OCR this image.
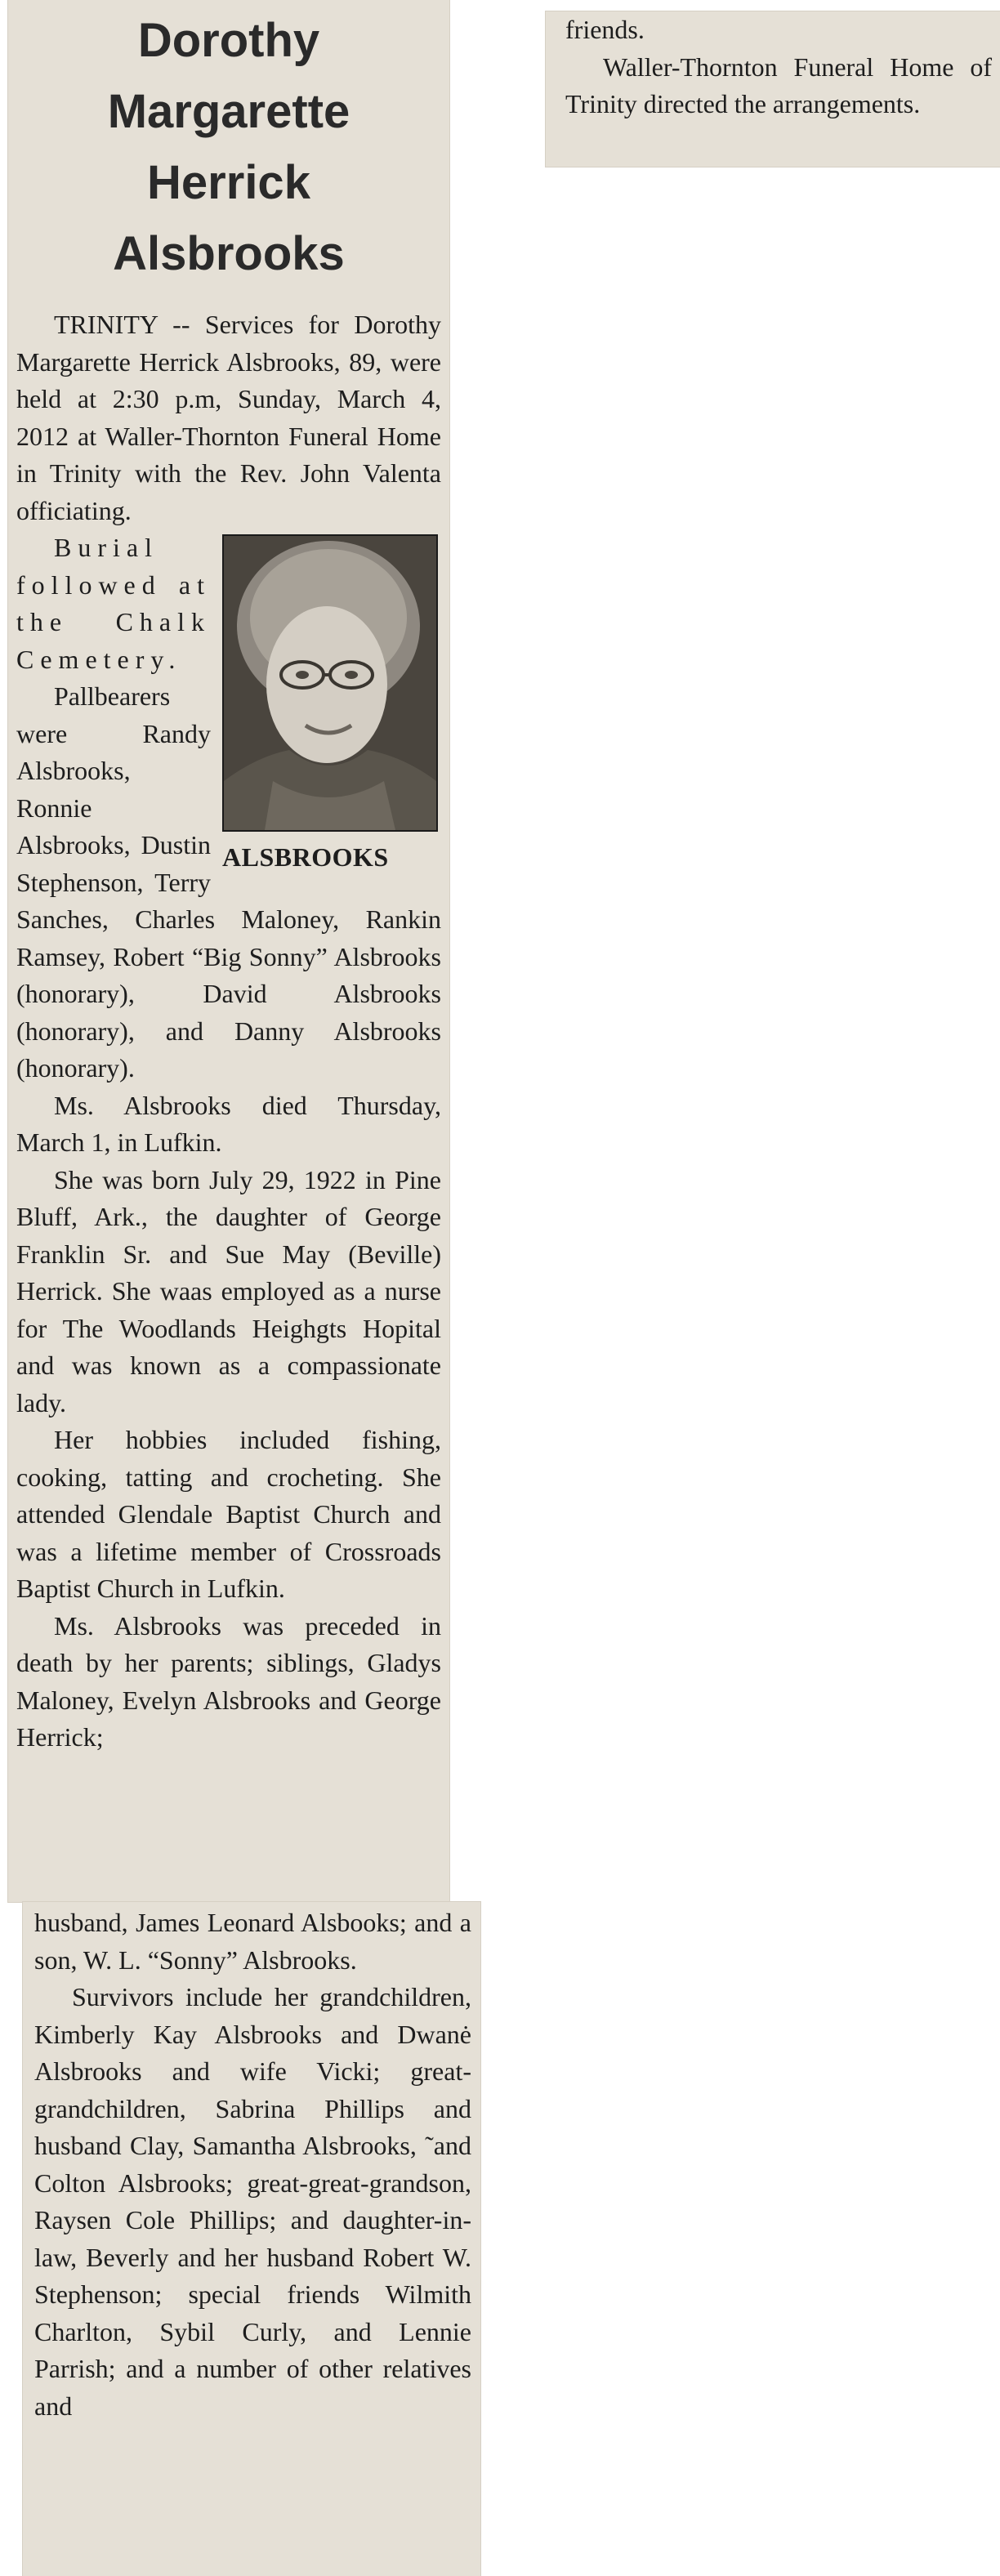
Dorothy
Margarette
Herrick
Alsbrooks

TRINITY -- Services for Dorothy Margarette Herrick Alsbrooks, 89, were held at 2:30 p.m, Sunday, March 4, 2012 at Waller-Thornton Funeral Home in Trinity with the Rev. John Valenta officiating.

ALSBROOKS

Burial followed at the Chalk Cemetery.

Pallbearers were Randy Alsbrooks, Ronnie Alsbrooks, Dustin Stephenson, Terry Sanches, Charles Maloney, Rankin Ramsey, Robert “Big Sonny” Alsbrooks (honorary), David Alsbrooks (honorary), and Danny Alsbrooks (honorary).

Ms. Alsbrooks died Thursday, March 1, in Lufkin.

She was born July 29, 1922 in Pine Bluff, Ark., the daughter of George Franklin Sr. and Sue May (Beville) Herrick. She waas employed as a nurse for The Woodlands Heighgts Hopital and was known as a compassionate lady.

Her hobbies included fishing, cooking, tatting and crocheting. She attended Glendale Baptist Church and was a lifetime member of Crossroads Baptist Church in Lufkin.

Ms. Alsbrooks was preceded in death by her parents; siblings, Gladys Maloney, Evelyn Alsbrooks and George Herrick;

husband, James Leonard Alsbooks; and a son, W. L. “Sonny” Alsbrooks.

Survivors include her grandchildren, Kimberly Kay Alsbrooks and Dwanė Alsbrooks and wife Vicki; great-grandchildren, Sabrina Phillips and husband Clay, Samantha Alsbrooks, ˜and Colton Alsbrooks; great-great-grandson, Raysen Cole Phillips; and daughter-in-law, Beverly and her husband Robert W. Stephenson; special friends Wilmith Charlton, Sybil Curly, and Lennie Parrish; and a number of other relatives and

friends.

Waller-Thornton Funeral Home of Trinity directed the arrangements.
